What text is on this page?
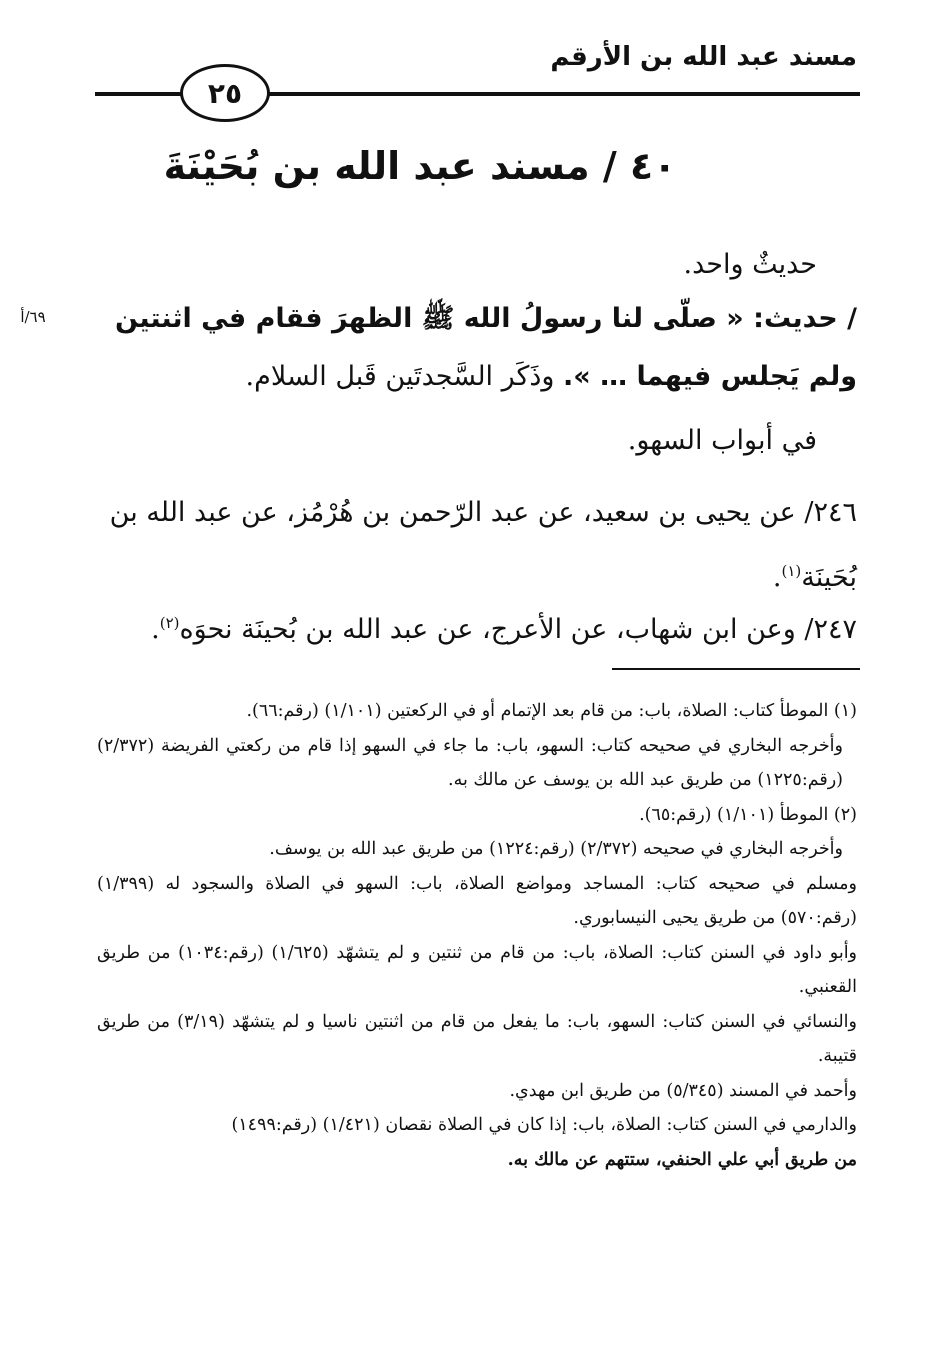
مسند عبد الله بن الأرقم
٢٥
٤٠ / مسند عبد الله بن بُحَيْنَةَ
حديثٌ واحد.
٦٩/أ	/ حديث: « صلّى لنا رسولُ الله ﷺ الظهرَ فقام في اثنتين ولم يَجلس فيهما … ». وذَكَر السَّجدتَين قَبل السلام.
في أبواب السهو.
٢٤٦/ عن يحيى بن سعيد، عن عبد الرّحمن بن هُرْمُز، عن عبد الله بن بُحَينَة$^{(١)}$.
٢٤٧/ وعن ابن شهاب، عن الأعرج، عن عبد الله بن بُحينَة نحوَه$^{(٢)}$.

(١) الموطأ كتاب: الصلاة، باب: من قام بعد الإتمام أو في الركعتين (١/١٠١) (رقم:٦٦).

وأخرجه البخاري في صحيحه كتاب: السهو، باب: ما جاء في السهو إذا قام من ركعتي الفريضة (٢/٣٧٢) (رقم:١٢٢٥) من طريق عبد الله بن يوسف عن مالك به.

(٢) الموطأ (١/١٠١) (رقم:٦٥).

وأخرجه البخاري في صحيحه (٢/٣٧٢) (رقم:١٢٢٤) من طريق عبد الله بن يوسف.

ومسلم في صحيحه كتاب: المساجد ومواضع الصلاة، باب: السهو في الصلاة والسجود له (١/٣٩٩) (رقم:٥٧٠) من طريق يحيى النيسابوري.

وأبو داود في السنن كتاب: الصلاة، باب: من قام من ثنتين و لم يتشهّد (١/٦٢٥) (رقم:١٠٣٤) من طريق القعنبي.

والنسائي في السنن كتاب: السهو، باب: ما يفعل من قام من اثنتين ناسيا و لم يتشهّد (٣/١٩) من طريق قتيبة.

وأحمد في المسند (٥/٣٤٥) من طريق ابن مهدي.

والدارمي في السنن كتاب: الصلاة، باب: إذا كان في الصلاة نقصان (١/٤٢١) (رقم:١٤٩٩)

من طريق أبي علي الحنفي، ستتهم عن مالك به.
